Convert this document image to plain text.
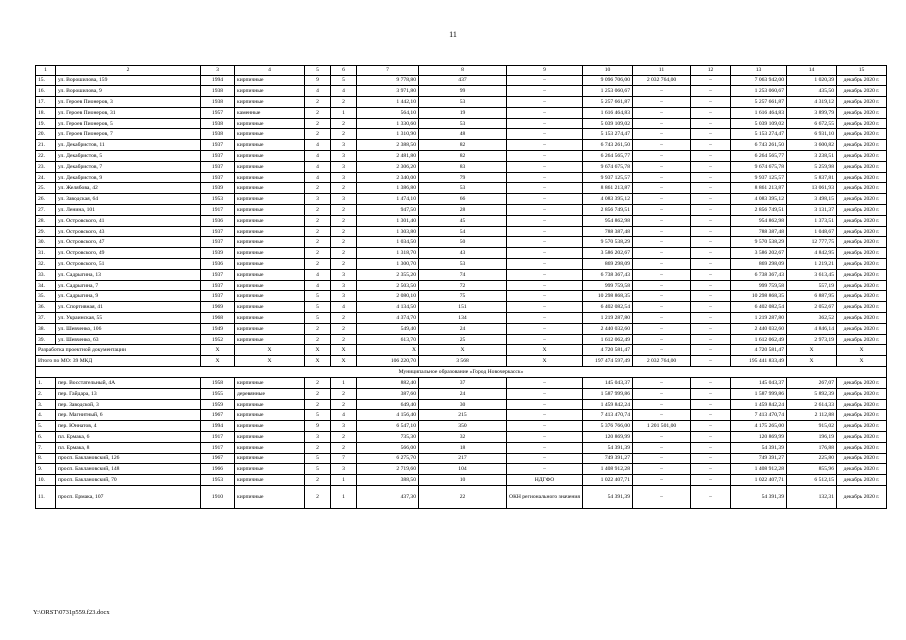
11
1	2	3	4	5	6	7	8	9	10	11	12	13	14	15
15.	ул. Ворошилова, 159	1994	кирпичные	9	5	9 778,80	437	–	9 096 706,00	2 032 764,00	–	7 063 942,00	1 020,39	декабрь 2020 г.
16.	ул. Ворошилова, 9	1938	кирпичные	4	4	3 971,80	99	–	1 253 060,67	–	–	1 253 060,67	435,50	декабрь 2020 г.
17.	ул. Героев Пионеров, 3	1938	кирпичные	2	2	1 442,10	53	–	5 257 661,87	–	–	5 257 661,87	4 319,12	декабрь 2020 г.
18.	ул. Героев Пионеров, 31	1957	каменные	2	1	564,10	19	–	1 616 464,83	–	–	1 616 464,83	3 899,79	декабрь 2020 г.
19.	ул. Героев Пионеров, 5	1938	кирпичные	2	2	1 330,60	53	–	5 039 109,02	–	–	5 039 109,02	6 672,55	декабрь 2020 г.
20.	ул. Героев Пионеров, 7	1938	кирпичные	2	2	1 310,90	48	–	5 153 274,47	–	–	5 153 274,47	6 931,10	декабрь 2020 г.
21.	ул. Декабристов, 11	1937	кирпичные	4	3	2 388,50	82	–	6 743 261,50	–	–	6 743 261,50	3 600,82	декабрь 2020 г.
22.	ул. Декабристов, 5	1937	кирпичные	4	3	2 481,80	82	–	6 264 565,77	–	–	6 264 565,77	3 238,51	декабрь 2020 г.
23.	ул. Декабристов, 7	1937	кирпичные	4	3	2 306,20	83	–	9 674 675,78	–	–	9 674 675,78	5 259,98	декабрь 2020 г.
24.	ул. Декабристов, 9	1937	кирпичные	4	3	2 340,00	79	–	9 937 125,57	–	–	9 937 125,57	5 837,81	декабрь 2020 г.
25.	ул. Желябова, 42	1939	кирпичные	2	2	1 386,80	53	–	8 861 213,87	–	–	8 861 213,87	13 061,93	декабрь 2020 г.
26.	ул. Заводская, 64	1953	кирпичные	3	3	1 474,10	66	–	4 083 395,12	–	–	4 083 395,12	3 498,15	декабрь 2020 г.
27.	ул. Ленина, 101	1917	кирпичные	2	2	947,50	28	–	2 856 749,51	–	–	2 856 749,51	3 131,37	декабрь 2020 г.
28.	ул. Островского, 41	1936	кирпичные	2	2	1 301,40	45	–	954 862,98	–	–	954 862,98	1 373,51	декабрь 2020 г.
29.	ул. Островского, 43	1937	кирпичные	2	2	1 303,80	54	–	788 387,48	–	–	788 387,48	1 048,67	декабрь 2020 г.
30.	ул. Островского, 47	1937	кирпичные	2	2	1 034,50	50	–	9 570 538,29	–	–	9 570 538,29	12 777,75	декабрь 2020 г.
31.	ул. Островского, 49	1939	кирпичные	2	2	1 318,70	43	–	3 586 202,67	–	–	3 586 202,67	4 842,95	декабрь 2020 г.
32.	ул. Островского, 51	1936	кирпичные	2	2	1 300,70	53	–	869 298,09	–	–	869 298,09	1 219,21	декабрь 2020 г.
33.	ул. Садрыгина, 13	1937	кирпичные	4	3	2 355,20	74	–	6 738 367,43	–	–	6 738 367,43	3 613,45	декабрь 2020 г.
34.	ул. Садрыгина, 7	1937	кирпичные	4	3	2 503,50	72	–	999 759,58	–	–	999 759,58	557,19	декабрь 2020 г.
35.	ул. Садрыгина, 9	1937	кирпичные	5	3	2 080,10	75	–	10 298 868,35	–	–	10 298 868,35	6 887,95	декабрь 2020 г.
36.	ул. Спортивная, 41	1969	кирпичные	5	4	4 134,50	151	–	6 402 082,54	–	–	6 402 082,54	2 052,67	декабрь 2020 г.
37.	ул. Украинская, 55	1968	кирпичные	5	2	4 374,70	134	–	1 219 287,80	–	–	1 219 287,80	362,52	декабрь 2020 г.
38.	ул. Шевченко, 106	1949	кирпичные	2	2	549,40	24	–	2 440 032,60	–	–	2 440 032,60	4 846,14	декабрь 2020 г.
39.	ул. Шевченко, 63	1952	кирпичные	2	2	613,70	25	–	1 612 062,49	–	–	1 612 062,49	2 973,19	декабрь 2020 г.
Разработка проектной документации		X	X	X	X	X	X	X	4 720 581,47	–	–	4 720 581,47	X	X
Итого по МО: 39 МКД		X	X	X	X	106 220,70	3 568	X	197 474 597,49	2 032 764,00	–	195 441 833,49	X	X
Муниципальное образование «Город Новочеркасск»														
1.	пер. Восстательный, 4А	1958	кирпичные	2	1	882,40	37	–	145 043,37	–	–	145 043,37	267,07	декабрь 2020 г.
2.	пер. Гайдара, 13	1955	деревянные	2	2	387,60	24	–	1 587 999,86	–	–	1 587 999,86	5 892,39	декабрь 2020 г.
3.	пер. Заводской, 3	1959	кирпичные	2	2	649,40	30	–	1 459 842,24	–	–	1 459 842,24	2 614,33	декабрь 2020 г.
4.	пер. Магнитный, 6	1967	кирпичные	5	4	4 156,40	215	–	7 413 470,74	–	–	7 413 470,74	2 112,88	декабрь 2020 г.
5.	пер. Юннатов, 4	1994	кирпичные	9	3	6 547,10	350	–	5 376 766,00	1 201 501,00	–	4 175 265,00	915,02	декабрь 2020 г.
6.	пл. Ермака, 6	1917	кирпичные	3	2	735,30	32	–	120 869,99	–	–	120 869,99	196,19	декабрь 2020 г.
7.	пл. Ермака, 8	1917	кирпичные	2	2	566,00	18	–	54 391,39	–	–	54 391,39	176,88	декабрь 2020 г.
8.	просп. Баклановский, 126	1967	кирпичные	5	7	6 275,70	217	–	749 391,27	–	–	749 391,27	225,80	декабрь 2020 г.
9.	просп. Баклановский, 148	1966	кирпичные	5	3	2 719,60	104	–	1 408 912,28	–	–	1 408 912,28	855,96	декабрь 2020 г.
10.	просп. Баклановский, 70	1953	кирпичные	2	1	388,50	10	НДГФО	1 022 407,71	–	–	1 022 407,71	6 512,15	декабрь 2020 г.
11.	просп. Ермака, 107	1910	кирпичные	2	1	437,30	22	ОКН регионального значения	54 391,39	–	–	54 391,39	132,31	декабрь 2020 г.
Y:\ORST\0731p559.f23.docx
